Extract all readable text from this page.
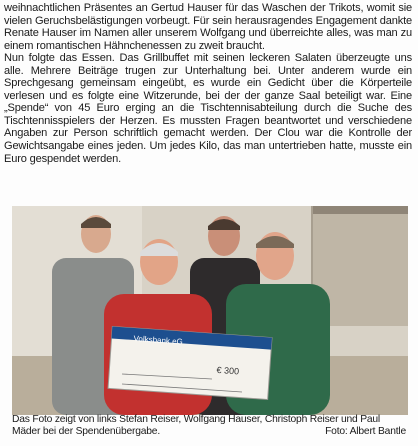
weihnachtlichen Präsentes an Gertud Hauser für das Waschen der Trikots, womit sie vielen Geruchsbelästigungen vorbeugt. Für sein herausragendes Engagement dankte Renate Hauser im Namen aller unserem Wolfgang und überreichte alles, was man zu einem romantischen Hähnchenessen zu zweit braucht.

Nun folgte das Essen. Das Grillbuffet mit seinen leckeren Salaten überzeugte uns alle. Mehrere Beiträge trugen zur Unterhaltung bei. Unter anderem wurde ein Sprechgesang gemeinsam eingeübt, es wurde ein Gedicht über die Körperteile verlesen und es folgte eine Witzerunde, bei der der ganze Saal beteiligt war. Eine „Spende“ von 45 Euro erging an die Tischtennisabteilung durch die Suche des Tischtennisspielers der Herzen. Es mussten Fragen beantwortet und verschiedene Angaben zur Person schriftlich gemacht werden. Der Clou war die Kontrolle der Gewichtsangabe eines jeden. Um jedes Kilo, das man untertrieben hatte, musste ein Euro gespendet werden.

Volksbank eG
€ 300
Das Foto zeigt von links Stefan Reiser, Wolfgang Hauser, Christoph Reiser und Paul Mäder bei der Spendenübergabe.	Foto: Albert Bantle
